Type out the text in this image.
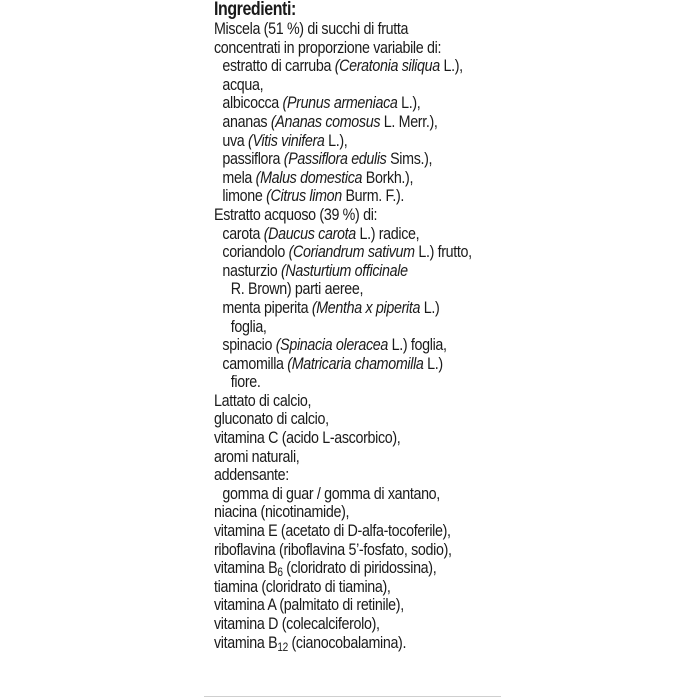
Ingredienti:
Miscela (51 %) di succhi di frutta
concentrati in proporzione variabile di:
estratto di carruba (Ceratonia siliqua L.),
acqua,
albicocca (Prunus armeniaca L.),
ananas (Ananas comosus L. Merr.),
uva (Vitis vinifera L.),
passiflora (Passiflora edulis Sims.),
mela (Malus domestica Borkh.),
limone (Citrus limon Burm. F.).
Estratto acquoso (39 %) di:
carota (Daucus carota L.) radice,
coriandolo (Coriandrum sativum L.) frutto,
nasturzio (Nasturtium officinale
R. Brown) parti aeree,
menta piperita (Mentha x piperita L.)
foglia,
spinacio (Spinacia oleracea L.) foglia,
camomilla (Matricaria chamomilla L.)
fiore.
Lattato di calcio,
gluconato di calcio,
vitamina C (acido L-ascorbico),
aromi naturali,
addensante:
gomma di guar / gomma di xantano,
niacina (nicotinamide),
vitamina E (acetato di D-alfa-tocoferile),
riboflavina (riboflavina 5’-fosfato, sodio),
vitamina $B_6$ (cloridrato di piridossina),
tiamina (cloridrato di tiamina),
vitamina A (palmitato di retinile),
vitamina D (colecalciferolo),
vitamina $B_{12}$ (cianocobalamina).
